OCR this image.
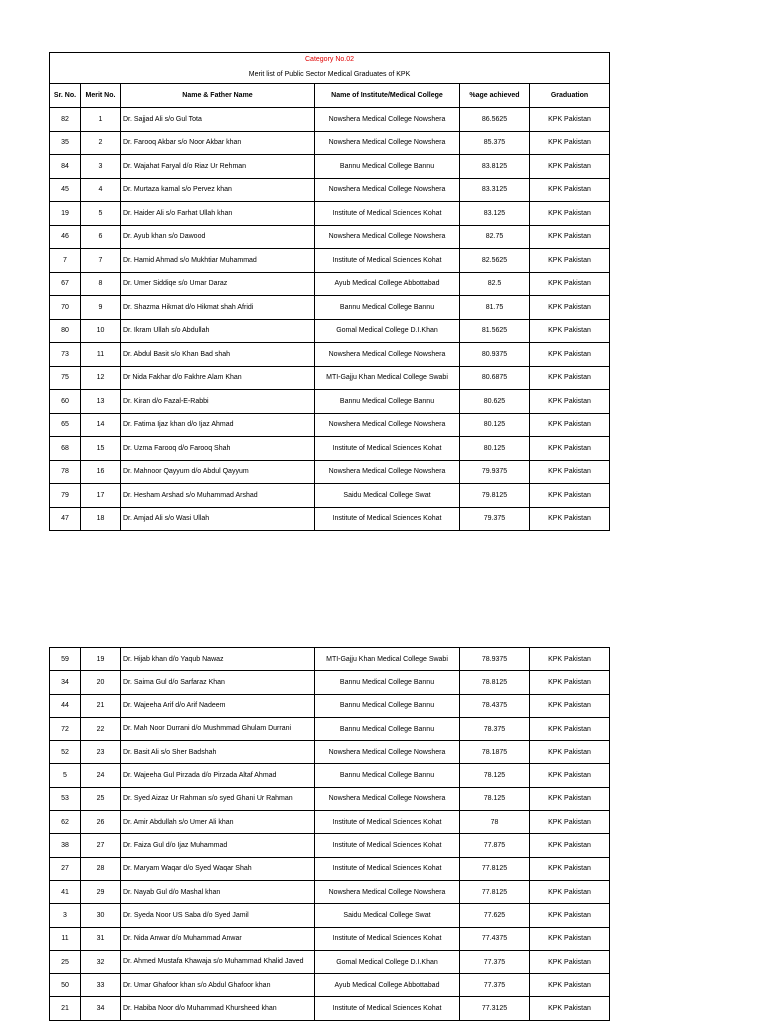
Category No.02					
Merit list of Public Sector Medical Graduates of KPK					
Sr. No.	Merit No.	Name & Father Name	Name of Institute/Medical College	%age achieved	Graduation
82	1	Dr. Sajjad Ali s/o Gul Tota	Nowshera Medical College Nowshera	86.5625	KPK Pakistan
35	2	Dr. Farooq Akbar s/o Noor Akbar khan	Nowshera Medical College Nowshera	85.375	KPK Pakistan
84	3	Dr. Wajahat Faryal d/o Riaz Ur Rehman	Bannu Medical College Bannu	83.8125	KPK Pakistan
45	4	Dr. Murtaza kamal s/o Pervez khan	Nowshera Medical College Nowshera	83.3125	KPK Pakistan
19	5	Dr. Haider Ali s/o Farhat Ullah khan	Institute of Medical Sciences Kohat	83.125	KPK Pakistan
46	6	Dr. Ayub khan s/o Dawood	Nowshera Medical College Nowshera	82.75	KPK Pakistan
7	7	Dr. Hamid Ahmad s/o Mukhtiar Muhammad	Institute of Medical Sciences Kohat	82.5625	KPK Pakistan
67	8	Dr. Umer Siddiqe s/o Umar Daraz	Ayub Medical College Abbottabad	82.5	KPK Pakistan
70	9	Dr. Shazma Hikmat d/o Hikmat shah Afridi	Bannu Medical College Bannu	81.75	KPK Pakistan
80	10	Dr. Ikram Ullah s/o Abdullah	Gomal Medical College D.I.Khan	81.5625	KPK Pakistan
73	11	Dr. Abdul Basit s/o Khan Bad shah	Nowshera Medical College Nowshera	80.9375	KPK Pakistan
75	12	Dr Nida Fakhar d/o Fakhre Alam Khan	MTI-Gajju Khan Medical College Swabi	80.6875	KPK Pakistan
60	13	Dr. Kiran d/o Fazal-E-Rabbi	Bannu Medical College Bannu	80.625	KPK Pakistan
65	14	Dr. Fatima Ijaz khan d/o Ijaz Ahmad	Nowshera Medical College Nowshera	80.125	KPK Pakistan
68	15	Dr. Uzma Farooq d/o Farooq Shah	Institute of Medical Sciences Kohat	80.125	KPK Pakistan
78	16	Dr. Mahnoor Qayyum d/o Abdul Qayyum	Nowshera Medical College Nowshera	79.9375	KPK Pakistan
79	17	Dr. Hesham Arshad s/o Muhammad Arshad	Saidu Medical College Swat	79.8125	KPK Pakistan
47	18	Dr. Amjad Ali s/o Wasi Ullah	Institute of Medical Sciences Kohat	79.375	KPK Pakistan
59	19	Dr. Hijab khan d/o Yaqub Nawaz	MTI-Gajju Khan Medical College Swabi	78.9375	KPK Pakistan
34	20	Dr. Saima Gul d/o Sarfaraz Khan	Bannu Medical College Bannu	78.8125	KPK Pakistan
44	21	Dr. Wajeeha Arif d/o Arif Nadeem	Bannu Medical College Bannu	78.4375	KPK Pakistan
72	22	Dr. Mah Noor Durrani d/o Mushmmad Ghulam Durrani	Bannu Medical College Bannu	78.375	KPK Pakistan
52	23	Dr. Basit Ali s/o Sher Badshah	Nowshera Medical College Nowshera	78.1875	KPK Pakistan
5	24	Dr. Wajeeha Gul Pirzada d/o Pirzada Altaf Ahmad	Bannu Medical College Bannu	78.125	KPK Pakistan
53	25	Dr. Syed Aizaz Ur Rahman s/o syed Ghani Ur Rahman	Nowshera Medical College Nowshera	78.125	KPK Pakistan
62	26	Dr. Amir Abdullah s/o Umer Ali khan	Institute of Medical Sciences Kohat	78	KPK Pakistan
38	27	Dr. Faiza Gul d/o Ijaz Muhammad	Institute of Medical Sciences Kohat	77.875	KPK Pakistan
27	28	Dr. Maryam Waqar d/o Syed Waqar Shah	Institute of Medical Sciences Kohat	77.8125	KPK Pakistan
41	29	Dr. Nayab Gul d/o Mashal khan	Nowshera Medical College Nowshera	77.8125	KPK Pakistan
3	30	Dr. Syeda Noor US Saba d/o Syed Jamil	Saidu Medical College Swat	77.625	KPK Pakistan
11	31	Dr. Nida Anwar d/o Muhammad Anwar	Institute of Medical Sciences Kohat	77.4375	KPK Pakistan
25	32	Dr. Ahmed Mustafa Khawaja s/o Muhammad Khalid Javed	Gomal Medical College D.I.Khan	77.375	KPK Pakistan
50	33	Dr. Umar Ghafoor khan s/o Abdul Ghafoor khan	Ayub Medical College Abbottabad	77.375	KPK Pakistan
21	34	Dr. Habiba Noor d/o Muhammad Khursheed khan	Institute of Medical Sciences Kohat	77.3125	KPK Pakistan
